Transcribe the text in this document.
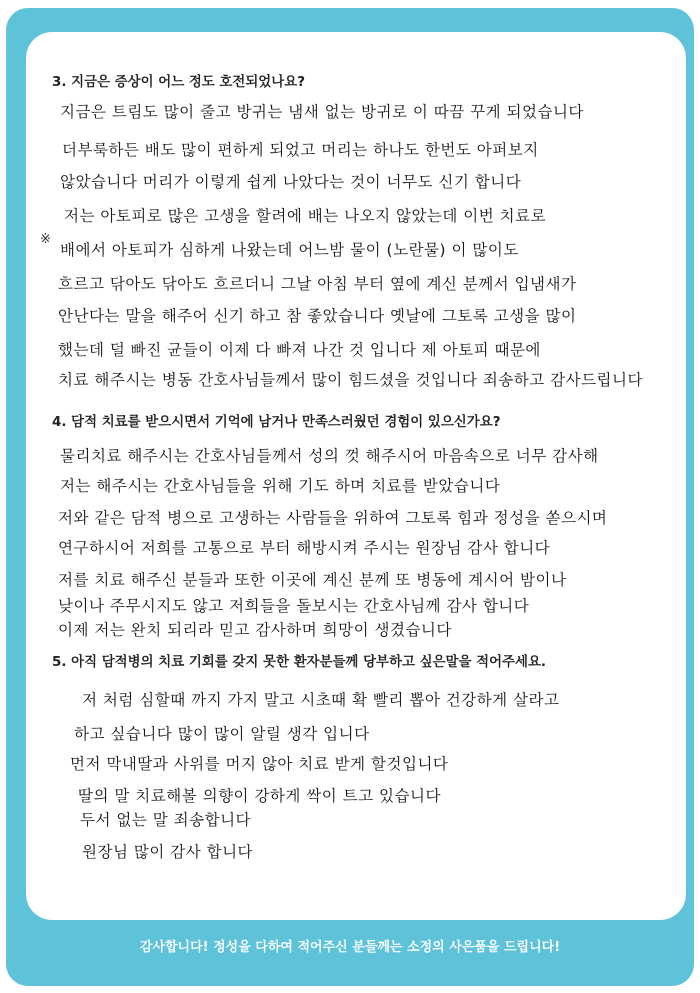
3. 지금은 증상이 어느 정도 호전되었나요?

※
지금은 트림도 많이 줄고 방귀는 냄새 없는 방귀로 이 따끔 꾸게 되었습니다
더부룩하든 배도 많이 편하게 되었고 머리는 하나도 한번도 아퍼보지
않았습니다 머리가 이렇게 쉽게 나았다는 것이 너무도 신기 합니다
저는 아토피로 많은 고생을 할려에 배는 나오지 않았는데 이번 치료로
배에서 아토피가 심하게 나왔는데 어느밤 물이 (노란물) 이 많이도
흐르고 닦아도 닦아도 흐르더니 그날 아침 부터 옆에 계신 분께서 입냄새가
안난다는 말을 해주어 신기 하고 참 좋았습니다 옛날에 그토록 고생을 많이
했는데 덜 빠진 균들이 이제 다 빠져 나간 것 입니다 제 아토피 때문에
치료 해주시는 병동 간호사님들께서 많이 힘드셨을 것입니다 죄송하고 감사드립니다

4. 담적 치료를 받으시면서 기억에 남거나 만족스러웠던 경험이 있으신가요?

물리치료 해주시는 간호사님들께서 성의 껏 해주시어 마음속으로 너무 감사해
저는 해주시는 간호사님들을 위해 기도 하며 치료를 받았습니다
저와 같은 담적 병으로 고생하는 사람들을 위하여 그토록 힘과 정성을 쏟으시며
연구하시어 저희를 고통으로 부터 해방시켜 주시는 원장님 감사 합니다
저를 치료 해주신 분들과 또한 이곳에 계신 분께 또 병동에 계시어 밤이나
낮이나 주무시지도 않고 저희들을 돌보시는 간호사님께 감사 합니다
이제 저는 완치 되리라 믿고 감사하며 희망이 생겼습니다

5. 아직 담적병의 치료 기회를 갖지 못한 환자분들께 당부하고 싶은말을 적어주세요.

저 처럼 심할때 까지 가지 말고 시초때 확 빨리 뽑아 건강하게 살라고
하고 싶습니다 많이 많이 알릴 생각 입니다
먼저 막내딸과 사위를 머지 않아 치료 받게 할것입니다
딸의 말 치료해볼 의향이 강하게 싹이 트고 있습니다
두서 없는 말 죄송합니다
원장님 많이 감사 합니다
감사합니다! 정성을 다하여 적어주신 분들께는 소정의 사은품을 드립니다!
